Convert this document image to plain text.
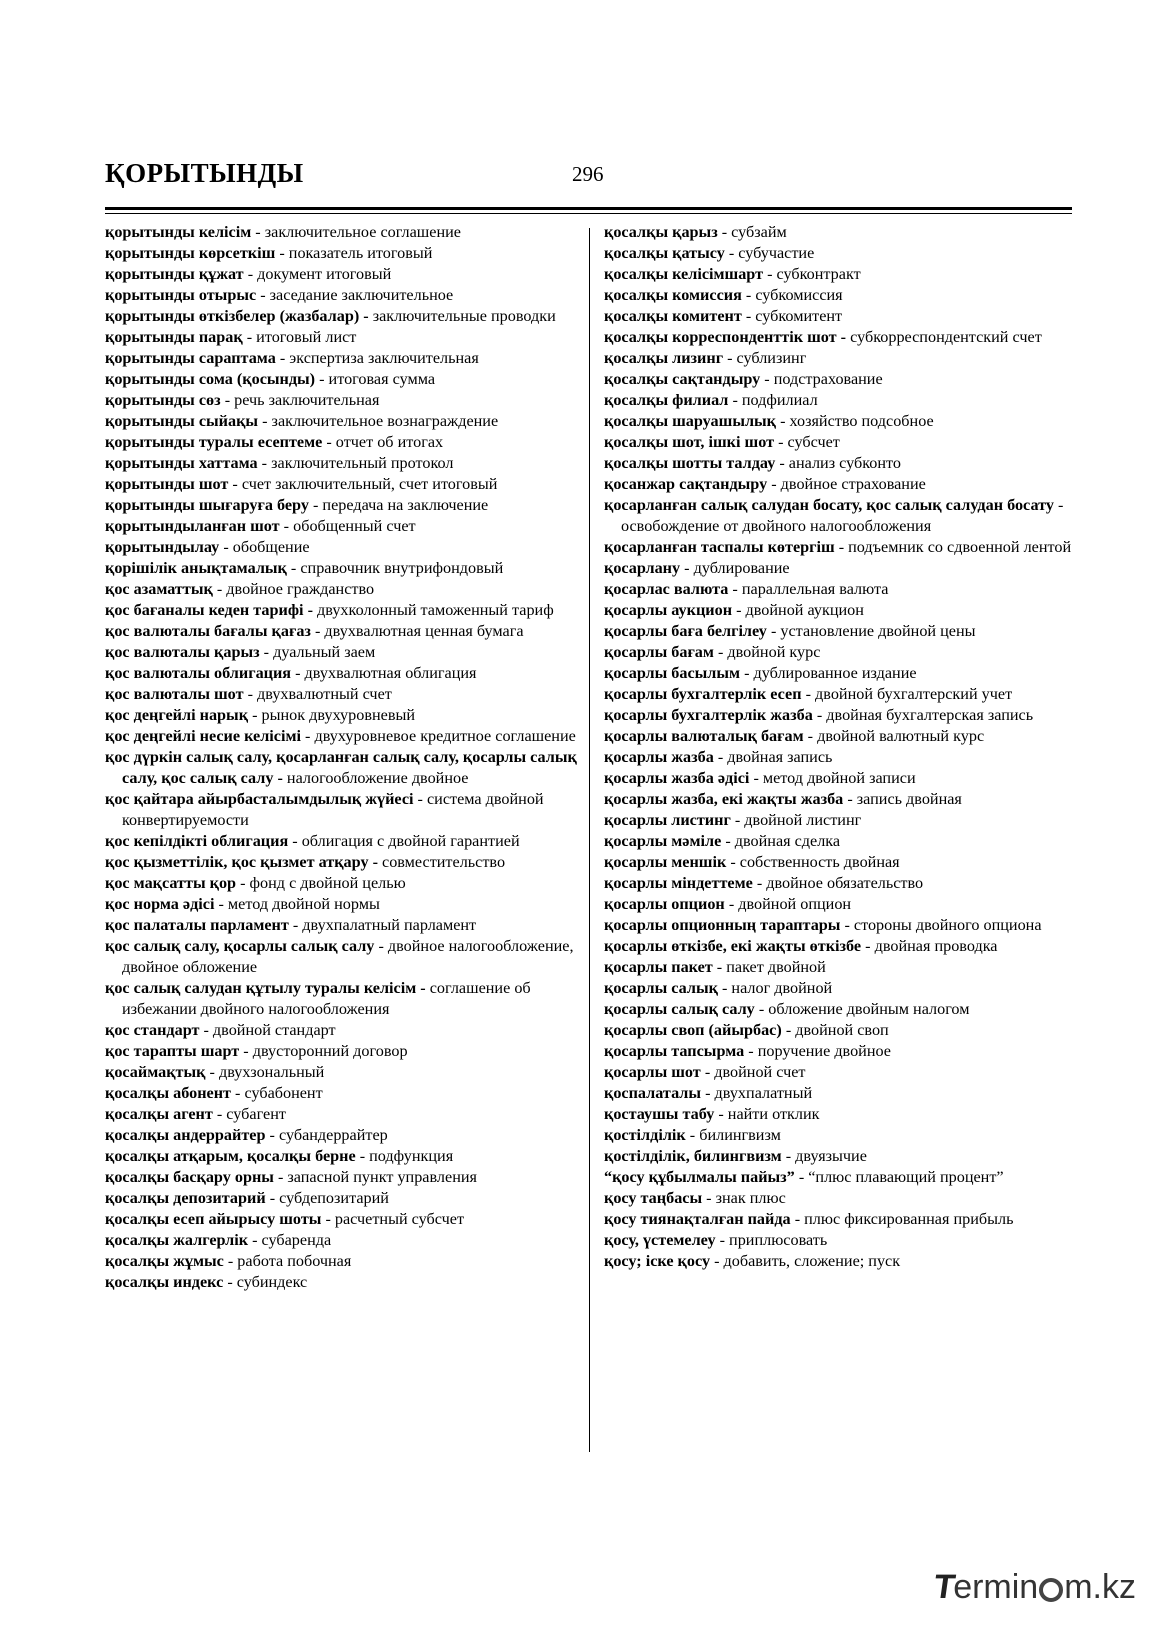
ҚОРЫТЫНДЫ	296

қорытынды келісім - заключительное соглашение

қорытынды көрсеткіш - показатель итоговый

қорытынды құжат - документ итоговый

қорытынды отырыс - заседание заключительное

қорытынды өткізбелер (жазбалар) - заключительные проводки

қорытынды парақ - итоговый лист

қорытынды сараптама - экспертиза заключительная

қорытынды сома (қосынды) - итоговая сумма

қорытынды сөз - речь заключительная

қорытынды сыйақы - заключительное вознаграждение

қорытынды туралы есептеме - отчет об итогах

қорытынды хаттама - заключительный протокол

қорытынды шот - счет заключительный, счет итоговый

қорытынды шығаруға беру - передача на заключение

қорытындыланған шот - обобщенный счет

қорытындылау - обобщение

қорішілік анықтамалық - справочник внутрифондовый

қос азаматтық - двойное гражданство

қос бағаналы кеден тарифі - двухколонный таможенный тариф

қос валюталы бағалы қағаз - двухвалютная ценная бумага

қос валюталы қарыз - дуальный заем

қос валюталы облигация - двухвалютная облигация

қос валюталы шот - двухвалютный счет

қос деңгейлі нарық - рынок двухуровневый

қос деңгейлі несие келісімі - двухуровневое кредитное соглашение

қос дүркін салық салу, қосарланған салық салу, қосарлы салық салу, қос салық салу - налогообложение двойное

қос қайтара айырбасталымдылық жүйесі - система двойной конвертируемости

қос кепілдікті облигация - облигация с двойной гарантией

қос қызметтілік, қос қызмет атқару - совместительство

қос мақсатты қор - фонд с двойной целью

қос норма әдісі - метод двойной нормы

қос палаталы парламент - двухпалатный парламент

қос салық салу, қосарлы салық салу - двойное налогообложение, двойное обложение

қос салық салудан құтылу туралы келісім - соглашение об избежании двойного налогообложения

қос стандарт - двойной стандарт

қос тарапты шарт - двусторонний договор

қосаймақтық - двухзональный

қосалқы абонент - субабонент

қосалқы агент - субагент

қосалқы андеррайтер - субандеррайтер

қосалқы атқарым, қосалқы берне - подфункция

қосалқы басқару орны - запасной пункт управления

қосалқы депозитарий - субдепозитарий

қосалқы есеп айырысу шоты - расчетный субсчет

қосалқы жалгерлік - субаренда

қосалқы жұмыс - работа побочная

қосалқы индекс - субиндекс

қосалқы қарыз - субзайм

қосалқы қатысу - субучастие

қосалқы келісімшарт - субконтракт

қосалқы комиссия - субкомиссия

қосалқы комитент - субкомитент

қосалқы корреспонденттік шот - субкорреспондентский счет

қосалқы лизинг - сублизинг

қосалқы сақтандыру - подстрахование

қосалқы филиал - подфилиал

қосалқы шаруашылық - хозяйство подсобное

қосалқы шот, ішкі шот - субсчет

қосалқы шотты талдау - анализ субконто

қосанжар сақтандыру - двойное страхование

қосарланған салық салудан босату, қос салық салудан босату - освобождение от двойного налогообложения

қосарланған таспалы көтергіш - подъемник со сдвоенной лентой

қосарлану - дублирование

қосарлас валюта - параллельная валюта

қосарлы аукцион - двойной аукцион

қосарлы баға белгілеу - установление двойной цены

қосарлы бағам - двойной курс

қосарлы басылым - дублированное издание

қосарлы бухгалтерлік есеп - двойной бухгалтерский учет

қосарлы бухгалтерлік жазба - двойная бухгалтерская запись

қосарлы валюталық бағам - двойной валютный курс

қосарлы жазба - двойная запись

қосарлы жазба әдісі - метод двойной записи

қосарлы жазба, екі жақты жазба - запись двойная

қосарлы листинг - двойной листинг

қосарлы мәміле - двойная сделка

қосарлы меншік - собственность двойная

қосарлы міндеттеме - двойное обязательство

қосарлы опцион - двойной опцион

қосарлы опционның тараптары - стороны двойного опциона

қосарлы өткізбе, екі жақты өткізбе - двойная проводка

қосарлы пакет - пакет двойной

қосарлы салық - налог двойной

қосарлы салық салу - обложение двойным налогом

қосарлы своп (айырбас) - двойной своп

қосарлы тапсырма - поручение двойное

қосарлы шот - двойной счет

қоспалаталы - двухпалатный

қостаушы табу - найти отклик

қостілділік - билингвизм

қостілділік, билингвизм - двуязычие

“қосу құбылмалы пайыз” - “плюс плавающий процент”

қосу таңбасы - знак плюс

қосу тиянақталған пайда - плюс фиксированная прибыль

қосу, үстемелеу - приплюсовать

қосу; іске қосу - добавить, сложение; пуск

T
ermin m.kz
